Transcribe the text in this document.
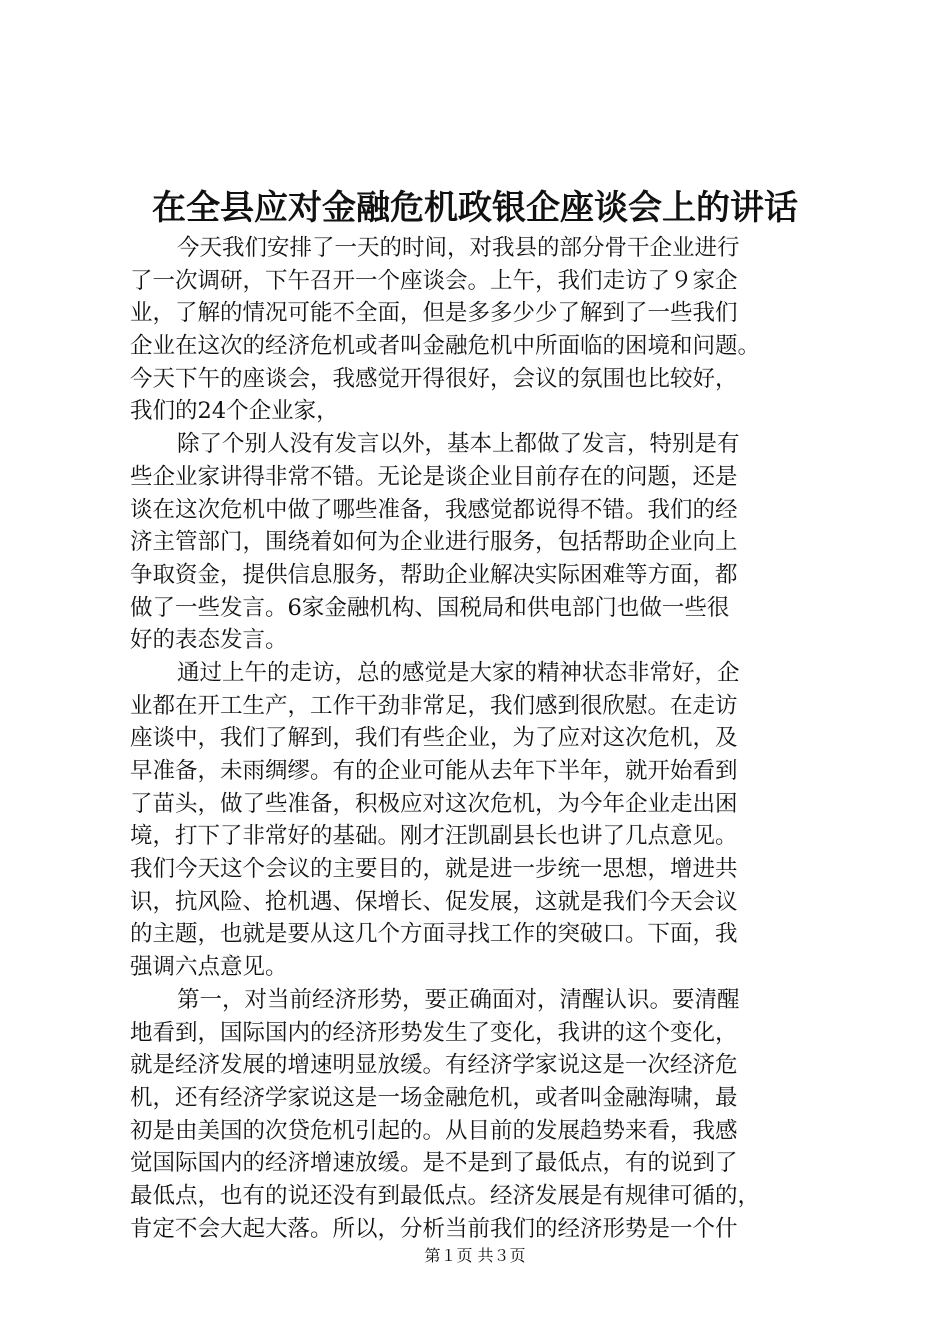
在全县应对金融危机政银企座谈会上的讲话
今天我们安排了一天的时间，对我县的部分骨干企业进行
了一次调研，下午召开一个座谈会。上午，我们走访了９家企
业，了解的情况可能不全面，但是多多少少了解到了一些我们
企业在这次的经济危机或者叫金融危机中所面临的困境和问题。
今天下午的座谈会，我感觉开得很好，会议的氛围也比较好，
我们的24个企业家，
除了个别人没有发言以外，基本上都做了发言，特别是有
些企业家讲得非常不错。无论是谈企业目前存在的问题，还是
谈在这次危机中做了哪些准备，我感觉都说得不错。我们的经
济主管部门，围绕着如何为企业进行服务，包括帮助企业向上
争取资金，提供信息服务，帮助企业解决实际困难等方面，都
做了一些发言。6家金融机构、国税局和供电部门也做一些很
好的表态发言。
通过上午的走访，总的感觉是大家的精神状态非常好，企
业都在开工生产，工作干劲非常足，我们感到很欣慰。在走访
座谈中，我们了解到，我们有些企业，为了应对这次危机，及
早准备，未雨绸缪。有的企业可能从去年下半年，就开始看到
了苗头，做了些准备，积极应对这次危机，为今年企业走出困
境，打下了非常好的基础。刚才汪凯副县长也讲了几点意见。
我们今天这个会议的主要目的，就是进一步统一思想，增进共
识，抗风险、抢机遇、保增长、促发展，这就是我们今天会议
的主题，也就是要从这几个方面寻找工作的突破口。下面，我
强调六点意见。
第一，对当前经济形势，要正确面对，清醒认识。要清醒
地看到，国际国内的经济形势发生了变化，我讲的这个变化，
就是经济发展的增速明显放缓。有经济学家说这是一次经济危
机，还有经济学家说这是一场金融危机，或者叫金融海啸，最
初是由美国的次贷危机引起的。从目前的发展趋势来看，我感
觉国际国内的经济增速放缓。是不是到了最低点，有的说到了
最低点，也有的说还没有到最低点。经济发展是有规律可循的，
肯定不会大起大落。所以，分析当前我们的经济形势是一个什
第１页 共３页
